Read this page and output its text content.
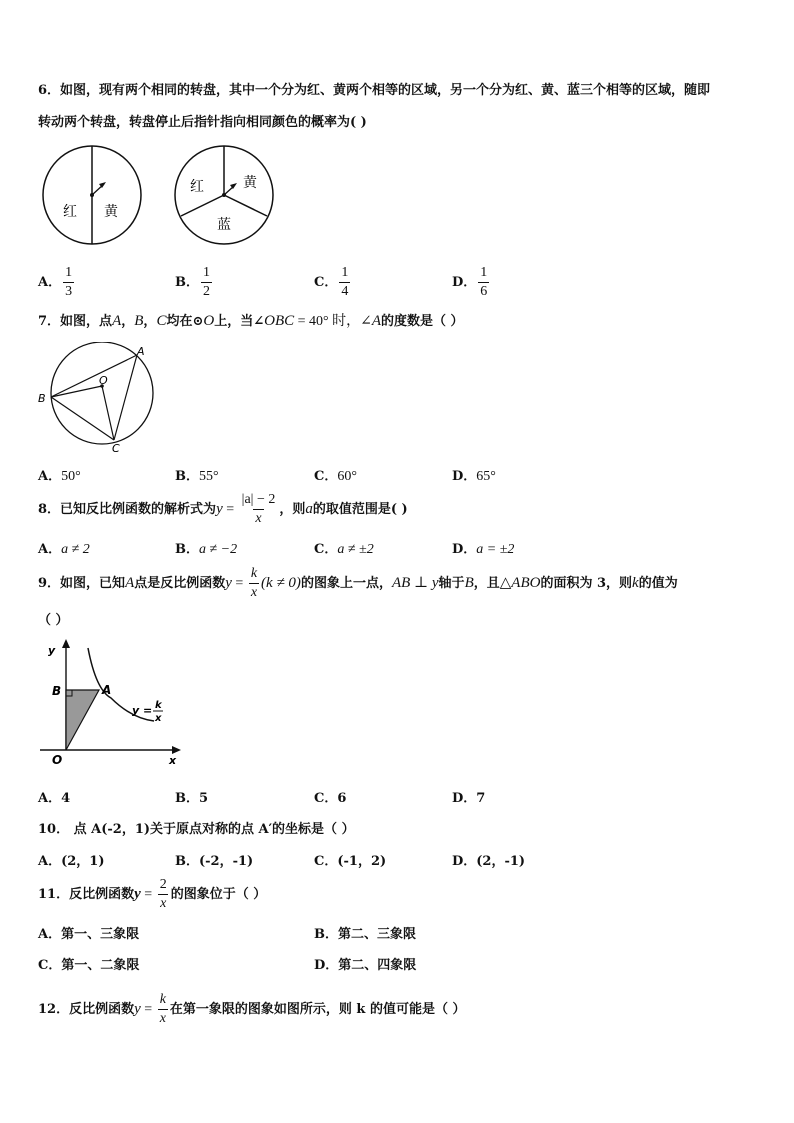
6．如图，现有两个相同的转盘，其中一个分为红、黄两个相等的区域，另一个分为红、黄、蓝三个相等的区域，随即
转动两个转盘，转盘停止后指针指向相同颜色的概率为( )
红 黄
红	黄
蓝
A． $\frac{1}{3}$	B． $\frac{1}{2}$	C． $\frac{1}{4}$	D． $\frac{1}{6}$
7．如图，点A，B，C均在⊙O上，当∠OBC = 40° 时，∠A的度数是（ ）
A
B
C
O
A．50°	B．55°	C．60°	D．65°
8．已知反比例函数的解析式为$y = \frac{|a| - 2}{x}$ ，则a的取值范围是( )
A．a ≠ 2	B．a ≠ −2	C．a ≠ ±2	D．a = ±2
9．如图，已知A点是反比例函数$y = \frac{k}{x} (k \ne 0)$的图象上一点，AB ⊥ y轴于B，且△ABO的面积为 3，则k的值为
（ ）
y
x
O
B	A
y = k
x
A．4	B．5	C．6	D．7
10． 点 A(-2，1)关于原点对称的点 A′的坐标是（ ）
A．(2，1)	B．(-2，-1)	C．(-1，2)	D．(2，-1)
11．反比例函数$y = \frac{2}{x}$ 的图象位于（ ）
A．第一、三象限	B．第二、三象限
C．第一、二象限	D．第二、四象限
12．反比例函数$y = \frac{k}{x}$ 在第一象限的图象如图所示，则 k 的值可能是（ ）
